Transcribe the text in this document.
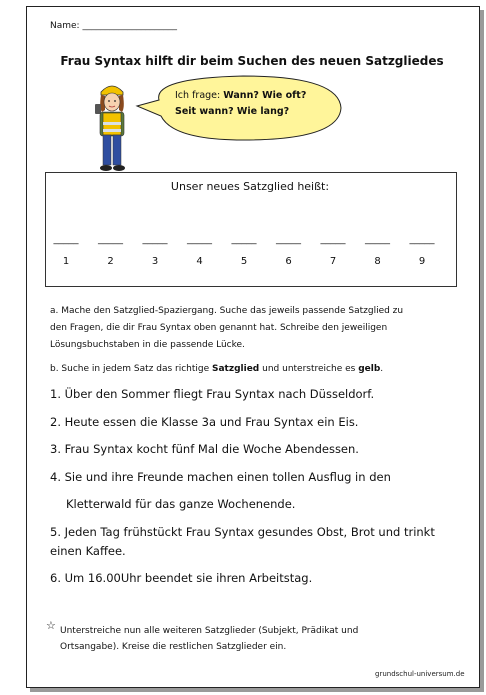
Name: _____________________
Frau Syntax hilft dir beim Suchen des neuen Satzgliedes
Ich frage: Wann? Wie oft?
Seit wann? Wie lang?
Unser neues Satzglied heißt:
_____	_____	_____	_____	_____	_____	_____	_____	_____
1	2	3	4	5	6	7	8	9
a. Mache den Satzglied-Spaziergang. Suche das jeweils passende Satzglied zu
den Fragen, die dir Frau Syntax oben genannt hat. Schreibe den jeweiligen
Lösungsbuchstaben in die passende Lücke.
b. Suche in jedem Satz das richtige Satzglied und unterstreiche es gelb.
1. Über den Sommer fliegt Frau Syntax nach Düsseldorf.
2. Heute essen die Klasse 3a und Frau Syntax ein Eis.
3. Frau Syntax kocht fünf Mal die Woche Abendessen.
4. Sie und ihre Freunde machen einen tollen Ausflug in den
Kletterwald für das ganze Wochenende.
5. Jeden Tag frühstückt Frau Syntax gesundes Obst, Brot und trinkt
einen Kaffee.
6. Um 16.00Uhr beendet sie ihren Arbeitstag.
☆ Unterstreiche nun alle weiteren Satzglieder (Subjekt, Prädikat und
Ortsangabe). Kreise die restlichen Satzglieder ein.
grundschul-universum.de
